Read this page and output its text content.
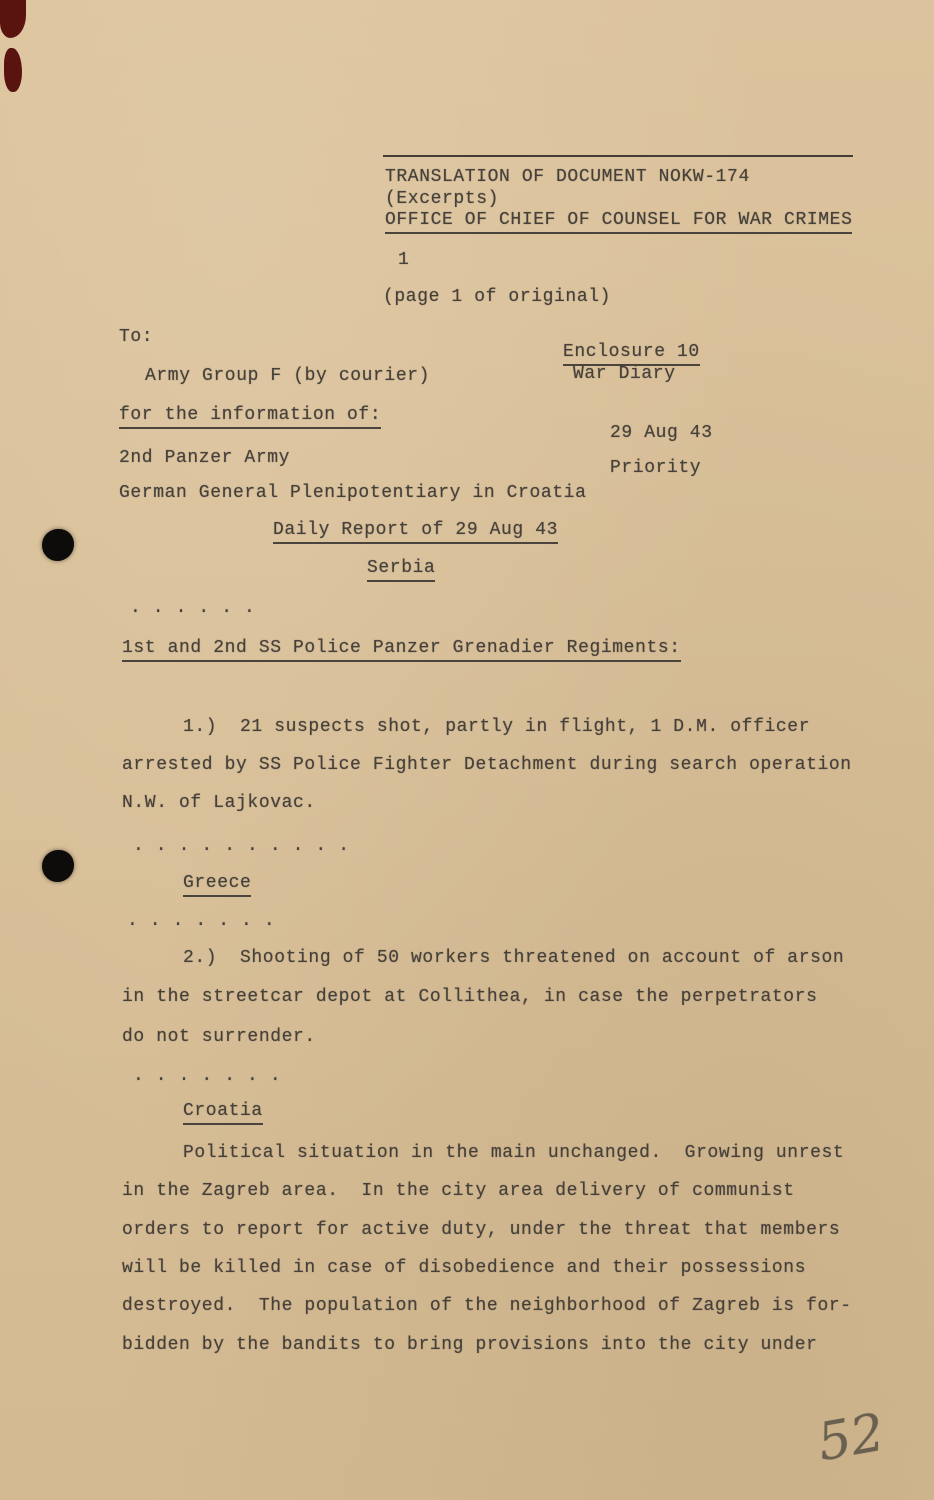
TRANSLATION OF DOCUMENT NOKW-174
(Excerpts)
OFFICE OF CHIEF OF COUNSEL FOR WAR CRIMES
1
(page 1 of original)
To:
Enclosure 10
War Diary
Army Group F (by courier)
for the information of:
29 Aug 43
2nd Panzer Army	Priority
German General Plenipotentiary in Croatia
Daily Report of 29 Aug 43
Serbia
. . . . . .
1st and 2nd SS Police Panzer Grenadier Regiments:
1.)  21 suspects shot, partly in flight, 1 D.M. officer
arrested by SS Police Fighter Detachment during search operation
N.W. of Lajkovac.
. . . . . . . . . .
Greece
. . . . . . .
2.)  Shooting of 50 workers threatened on account of arson
in the streetcar depot at Collithea, in case the perpetrators
do not surrender.
. . . . . . .
Croatia
Political situation in the main unchanged.  Growing unrest
in the Zagreb area.  In the city area delivery of communist
orders to report for active duty, under the threat that members
will be killed in case of disobedience and their possessions
destroyed.  The population of the neighborhood of Zagreb is for-
bidden by the bandits to bring provisions into the city under
52
